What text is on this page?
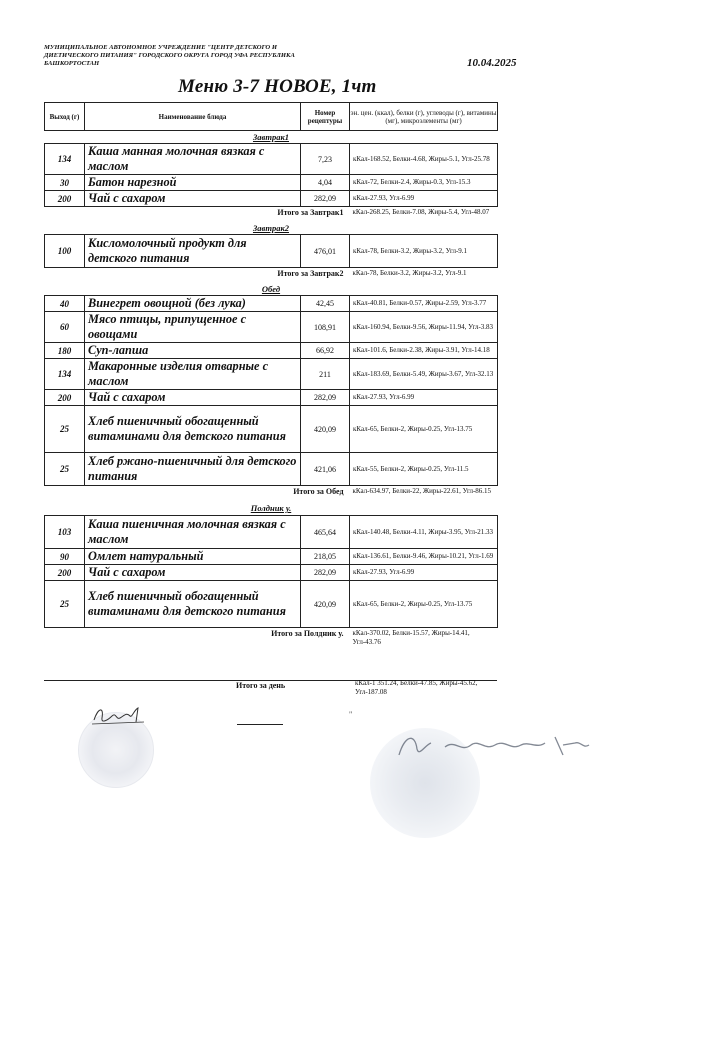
МУНИЦИПАЛЬНОЕ АВТОНОМНОЕ УЧРЕЖДЕНИЕ "ЦЕНТР ДЕТСКОГО И
ДИЕТИЧЕСКОГО ПИТАНИЯ" ГОРОДСКОГО ОКРУГА ГОРОД УФА РЕСПУБЛИКА
БАШКОРТОСТАН	10.04.2025
Меню 3-7 НОВОЕ, 1чт
Выход (г)	Наименование блюда	Номер рецептуры	эн. цен. (ккал), белки (г), углеводы (г), витамины (мг), микроэлементы (мг)
Завтрак1			
134	Каша манная молочная вязкая с маслом	7,23	кКал-168.52, Белки-4.68, Жиры-5.1, Угл-25.78
30	Батон нарезной	4,04	кКал-72, Белки-2.4, Жиры-0.3, Угл-15.3
200	Чай с сахаром	282,09	кКал-27.93, Угл-6.99
Итого за Завтрак1			кКал-268.25, Белки-7.08, Жиры-5.4, Угл-48.07
Завтрак2			
100	Кисломолочный продукт для детского питания	476,01	кКал-78, Белки-3.2, Жиры-3.2, Угл-9.1
Итого за Завтрак2			кКал-78, Белки-3.2, Жиры-3.2, Угл-9.1
Обед			
40	Винегрет овощной (без лука)	42,45	кКал-40.81, Белки-0.57, Жиры-2.59, Угл-3.77
60	Мясо птицы, припущенное с овощами	108,91	кКал-160.94, Белки-9.56, Жиры-11.94, Угл-3.83
180	Суп-лапша	66,92	кКал-101.6, Белки-2.38, Жиры-3.91, Угл-14.18
134	Макаронные изделия отварные с маслом	211	кКал-183.69, Белки-5.49, Жиры-3.67, Угл-32.13
200	Чай с сахаром	282,09	кКал-27.93, Угл-6.99
25	Хлеб пшеничный обогащенный витаминами для детского питания	420,09	кКал-65, Белки-2, Жиры-0.25, Угл-13.75
25	Хлеб ржано-пшеничный для детского питания	421,06	кКал-55, Белки-2, Жиры-0.25, Угл-11.5
Итого за Обед			кКал-634.97, Белки-22, Жиры-22.61, Угл-86.15
Полдник у.			
103	Каша пшеничная молочная вязкая с маслом	465,64	кКал-140.48, Белки-4.11, Жиры-3.95, Угл-21.33
90	Омлет натуральный	218,05	кКал-136.61, Белки-9.46, Жиры-10.21, Угл-1.69
200	Чай с сахаром	282,09	кКал-27.93, Угл-6.99
25	Хлеб пшеничный обогащенный витаминами для детского питания	420,09	кКал-65, Белки-2, Жиры-0.25, Угл-13.75
Итого за Полдник у.			кКал-370.02, Белки-15.57, Жиры-14.41, Угл-43.76
Итого за день	кКал-1 351.24, Белки-47.85, Жиры-45.62, Угл-187.08
"
